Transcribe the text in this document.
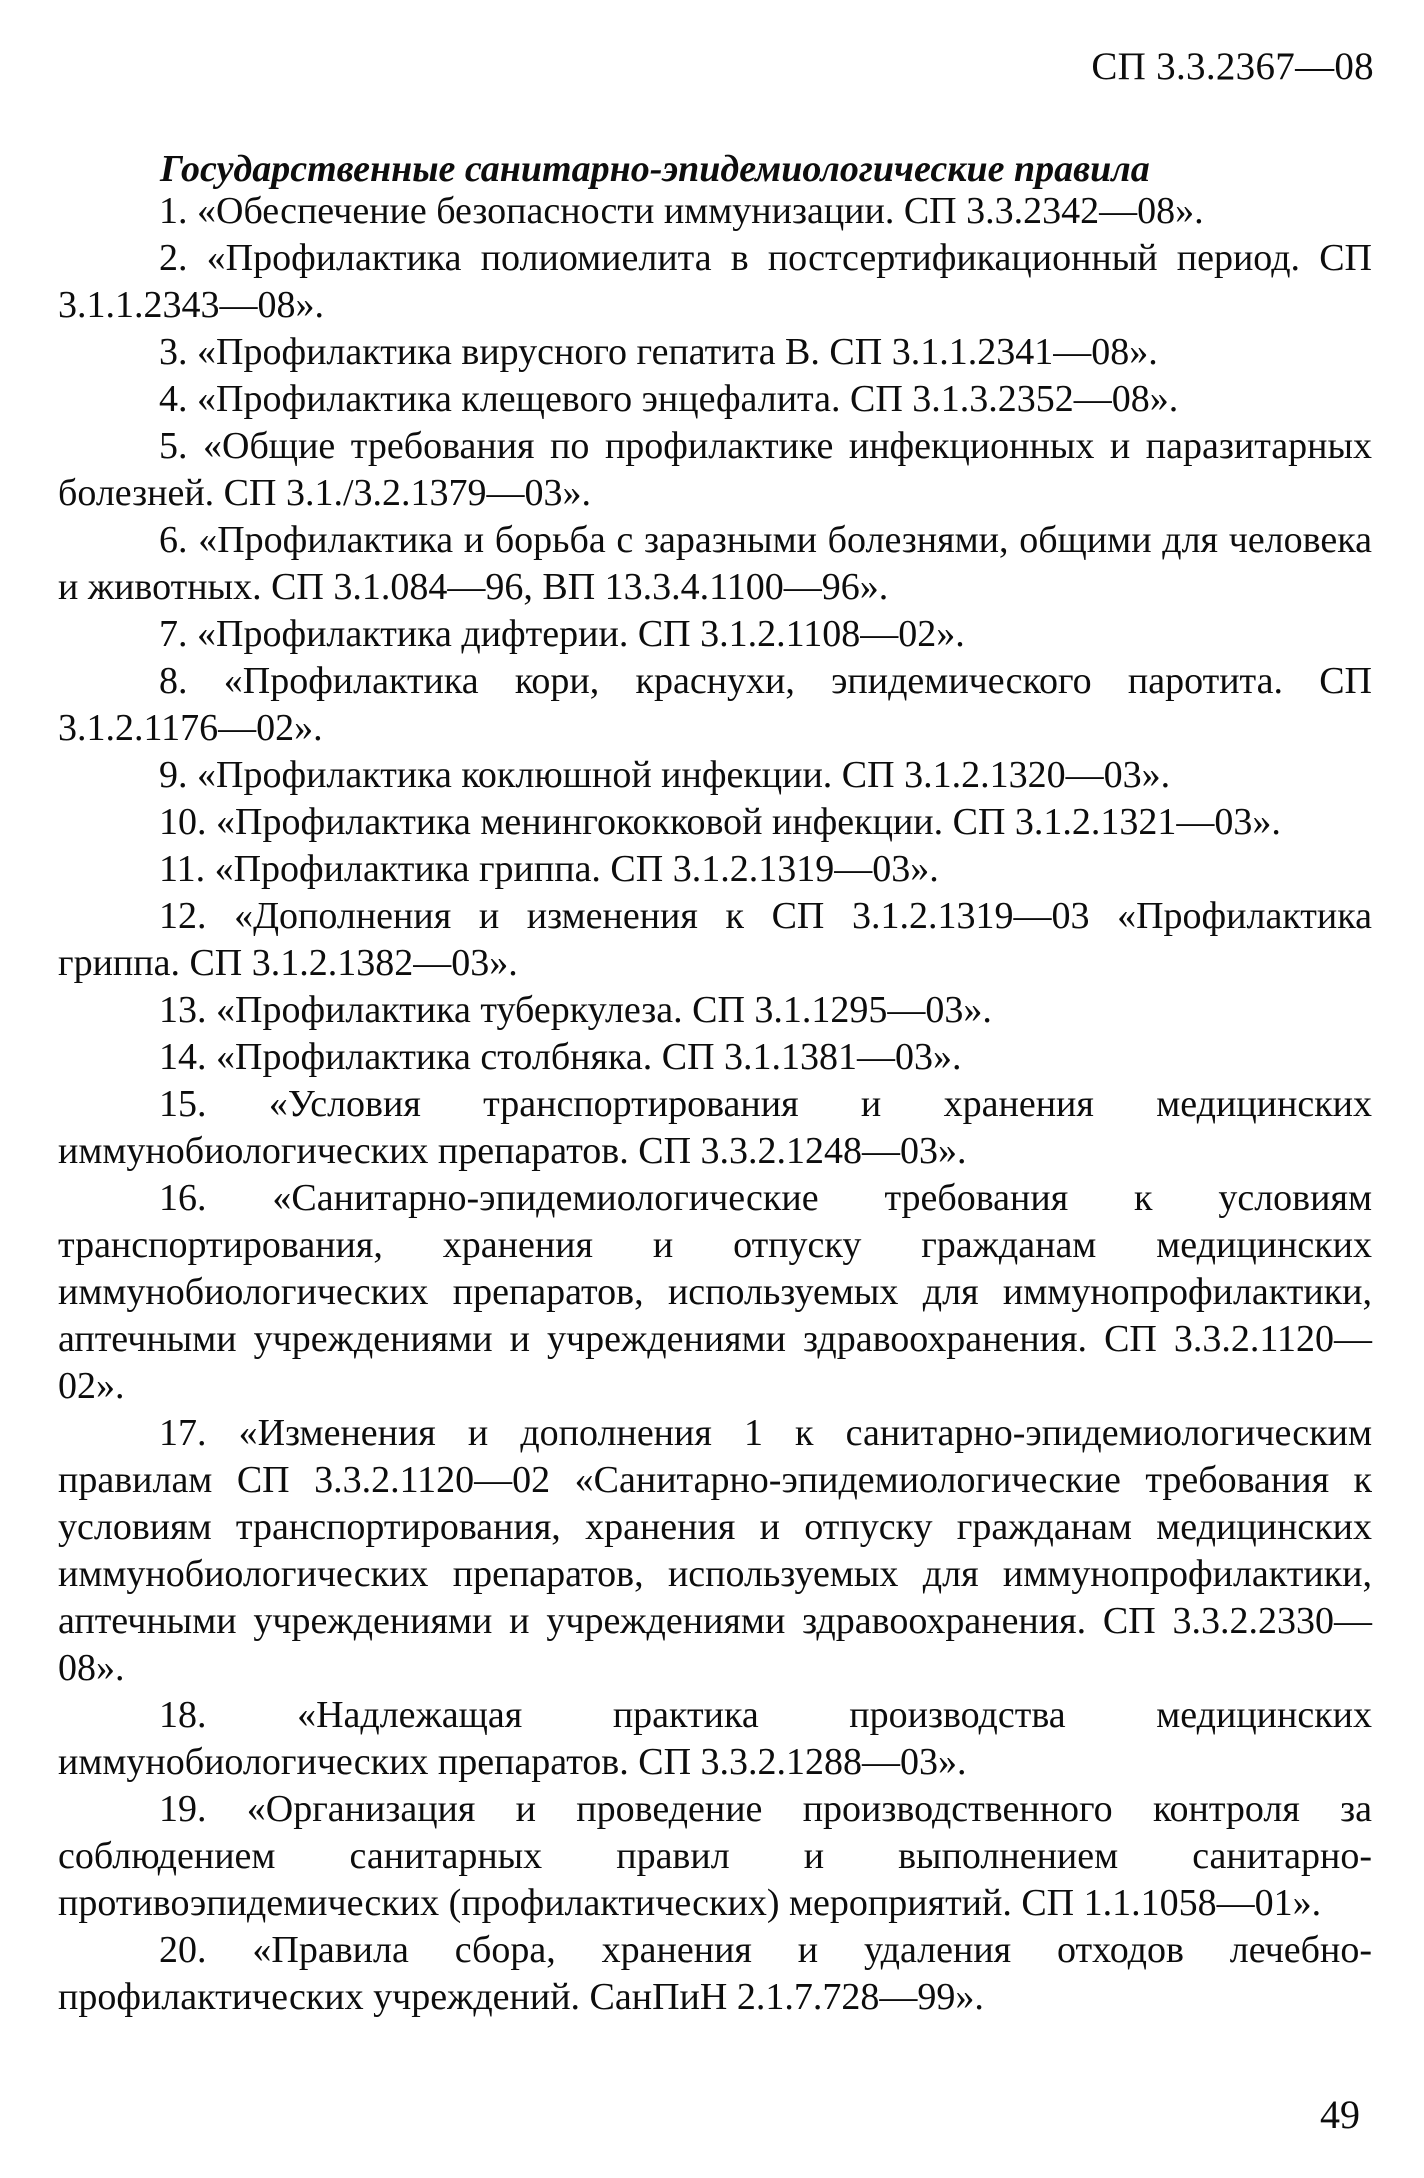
СП 3.3.2367—08
Государственные санитарно-эпидемиологические правила
1. «Обеспечение безопасности иммунизации. СП 3.3.2342—08».
2. «Профилактика полиомиелита в постсертификационный период. СП 3.1.1.2343—08».
3. «Профилактика вирусного гепатита В. СП 3.1.1.2341—08».
4. «Профилактика клещевого энцефалита. СП 3.1.3.2352—08».
5. «Общие требования по профилактике инфекционных и паразитарных болезней. СП 3.1./3.2.1379—03».
6. «Профилактика и борьба с заразными болезнями, общими для человека и животных. СП 3.1.084—96, ВП 13.3.4.1100—96».
7. «Профилактика дифтерии. СП 3.1.2.1108—02».
8. «Профилактика кори, краснухи, эпидемического паротита. СП 3.1.2.1176—02».
9. «Профилактика коклюшной инфекции. СП 3.1.2.1320—03».
10. «Профилактика менингококковой инфекции. СП 3.1.2.1321—03».
11. «Профилактика гриппа. СП 3.1.2.1319—03».
12. «Дополнения и изменения к СП 3.1.2.1319—03 «Профилактика гриппа. СП 3.1.2.1382—03».
13. «Профилактика туберкулеза. СП 3.1.1295—03».
14. «Профилактика столбняка. СП 3.1.1381—03».
15. «Условия транспортирования и хранения медицинских иммунобиологических препаратов. СП 3.3.2.1248—03».
16. «Санитарно-эпидемиологические требования к условиям транспортирования, хранения и отпуску гражданам медицинских иммунобиологических препаратов, используемых для иммунопрофилактики, аптечными учреждениями и учреждениями здравоохранения. СП 3.3.2.1120—02».
17. «Изменения и дополнения 1 к санитарно-эпидемиологическим правилам СП 3.3.2.1120—02 «Санитарно-эпидемиологические требования к условиям транспортирования, хранения и отпуску гражданам медицинских иммунобиологических препаратов, используемых для иммунопрофилактики, аптечными учреждениями и учреждениями здравоохранения. СП 3.3.2.2330—08».
18. «Надлежащая практика производства медицинских иммунобиологических препаратов. СП 3.3.2.1288—03».
19. «Организация и проведение производственного контроля за соблюдением санитарных правил и выполнением санитарно-противоэпидемических (профилактических) мероприятий. СП 1.1.1058—01».
20. «Правила сбора, хранения и удаления отходов лечебно-профилактических учреждений. СанПиН 2.1.7.728—99».
49
